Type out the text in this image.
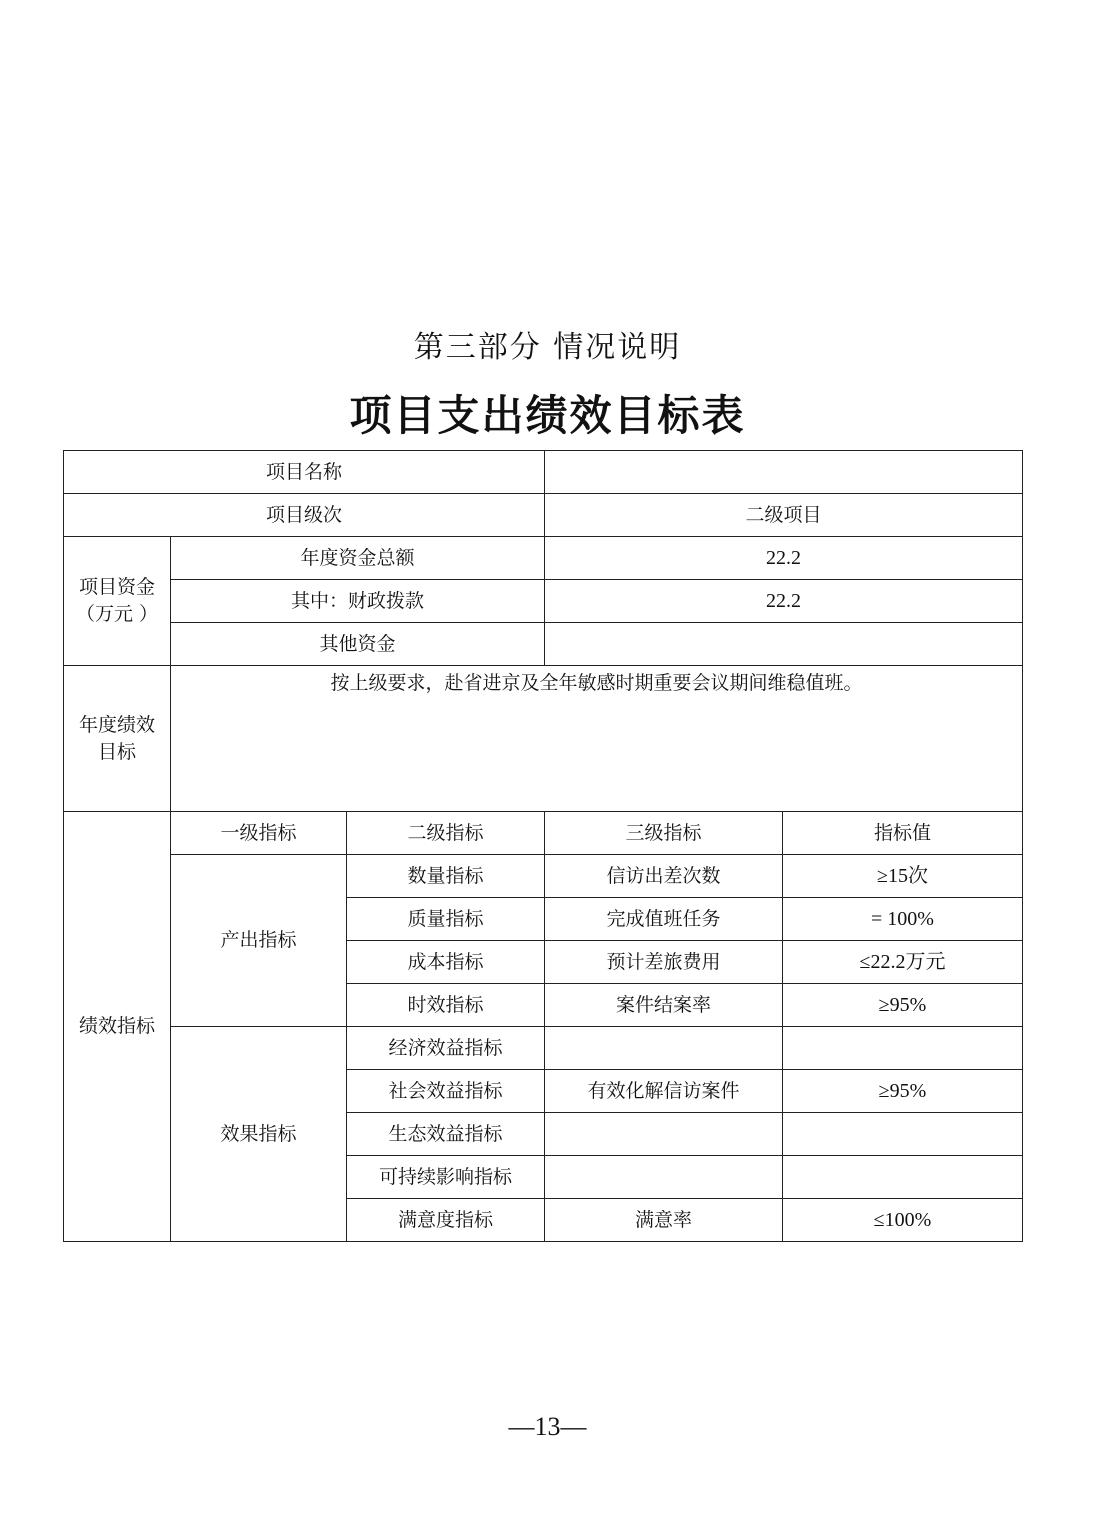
第三部分 情况说明
项目支出绩效目标表
项目名称				
项目级次			二级项目	
项目资金
（万元 ）	年度资金总额		22.2	
	其中：财政拨款		22.2	
	其他资金			
年度绩效
目标	按上级要求，赴省进京及全年敏感时期重要会议期间维稳值班。			
绩效指标	一级指标	二级指标	三级指标	指标值
	产出指标	数量指标	信访出差次数	≥15次
		质量指标	完成值班任务	= 100%
		成本指标	预计差旅费用	≤22.2万元
		时效指标	案件结案率	≥95%
	效果指标	经济效益指标		
		社会效益指标	有效化解信访案件	≥95%
		生态效益指标		
		可持续影响指标		
		满意度指标	满意率	≤100%
—13—
